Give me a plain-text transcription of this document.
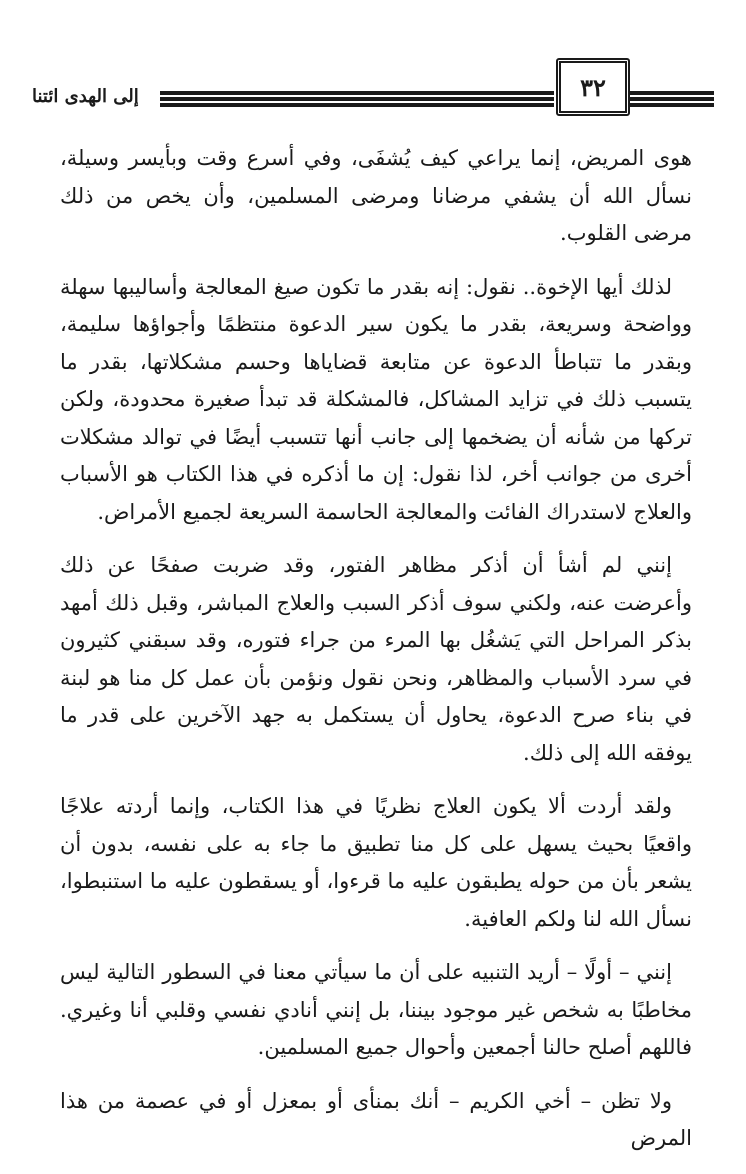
إلى الهدى ائتنا	٣٢

هوى المريض، إنما يراعي كيف يُشفَى، وفي أسرع وقت وبأيسر وسيلة، نسأل الله أن يشفي مرضانا ومرضى المسلمين، وأن يخص من ذلك مرضى القلوب.

لذلك أيها الإخوة.. نقول: إنه بقدر ما تكون صيغ المعالجة وأساليبها سهلة وواضحة وسريعة، بقدر ما يكون سير الدعوة منتظمًا وأجواؤها سليمة، وبقدر ما تتباطأ الدعوة عن متابعة قضاياها وحسم مشكلاتها، بقدر ما يتسبب ذلك في تزايد المشاكل، فالمشكلة قد تبدأ صغيرة محدودة، ولكن تركها من شأنه أن يضخمها إلى جانب أنها تتسبب أيضًا في توالد مشكلات أخرى من جوانب أخر، لذا نقول: إن ما أذكره في هذا الكتاب هو الأسباب والعلاج لاستدراك الفائت والمعالجة الحاسمة السريعة لجميع الأمراض.

إنني لم أشأ أن أذكر مظاهر الفتور، وقد ضربت صفحًا عن ذلك وأعرضت عنه، ولكني سوف أذكر السبب والعلاج المباشر، وقبل ذلك أمهد بذكر المراحل التي يَشغُل بها المرء من جراء فتوره، وقد سبقني كثيرون في سرد الأسباب والمظاهر، ونحن نقول ونؤمن بأن عمل كل منا هو لبنة في بناء صرح الدعوة، يحاول أن يستكمل به جهد الآخرين على قدر ما يوفقه الله إلى ذلك.

ولقد أردت ألا يكون العلاج نظريًا في هذا الكتاب، وإنما أردته علاجًا واقعيًا بحيث يسهل على كل منا تطبيق ما جاء به على نفسه، بدون أن يشعر بأن من حوله يطبقون عليه ما قرءوا، أو يسقطون عليه ما استنبطوا، نسأل الله لنا ولكم العافية.

إنني – أولًا – أريد التنبيه على أن ما سيأتي معنا في السطور التالية ليس مخاطبًا به شخص غير موجود بيننا، بل إنني أنادي نفسي وقلبي أنا وغيري. فاللهم أصلح حالنا أجمعين وأحوال جميع المسلمين.

ولا تظن – أخي الكريم – أنك بمنأى أو بمعزل أو في عصمة من هذا المرض
